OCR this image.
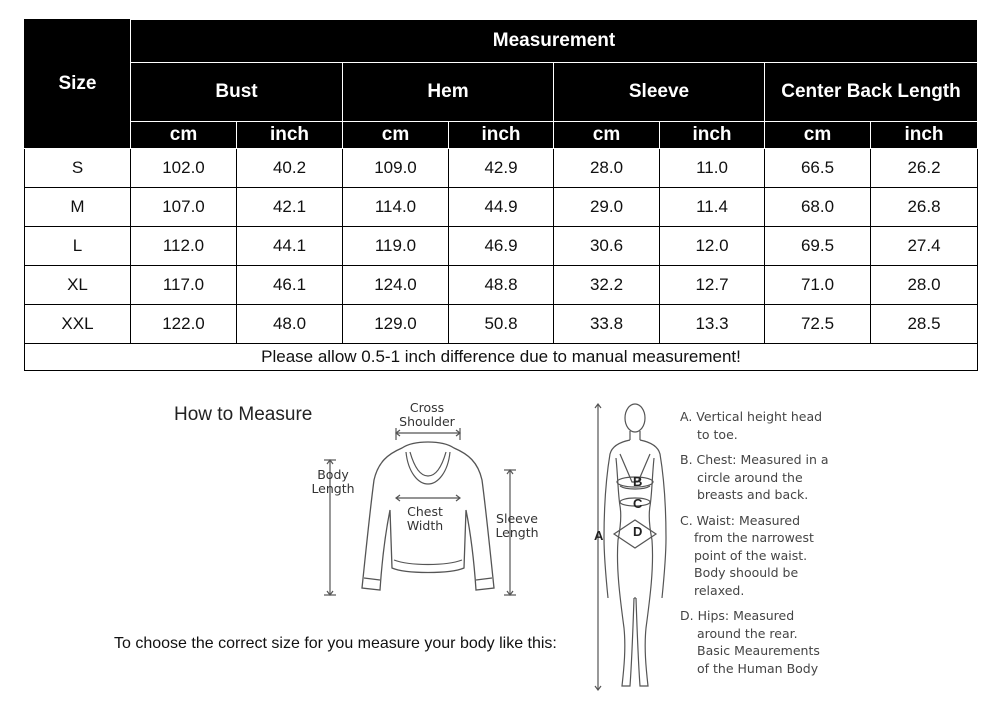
Size	Measurement							
	Bust		Hem		Sleeve		Center Back Length	
	cm	inch	cm	inch	cm	inch	cm	inch
S	102.0	40.2	109.0	42.9	28.0	11.0	66.5	26.2
M	107.0	42.1	114.0	44.9	29.0	11.4	68.0	26.8
L	112.0	44.1	119.0	46.9	30.6	12.0	69.5	27.4
XL	117.0	46.1	124.0	48.8	32.2	12.7	71.0	28.0
XXL	122.0	48.0	129.0	50.8	33.8	13.3	72.5	28.5
Please allow 0.5-1 inch difference due to manual measurement!								
How to Measure	Cross
Shoulder
Body
Length
Chest
Width	Sleeve
Length	A
B
C
D
A. Vertical height head
to toe.
B. Chest: Measured in a
circle around the
breasts and back.
C. Waist: Measured
from the narrowest
point of the waist.
Body shoould be
relaxed.
D. Hips: Measured
around the rear.
Basic Meaurements
of the Human Body
To choose the correct size for you measure your body like this:
